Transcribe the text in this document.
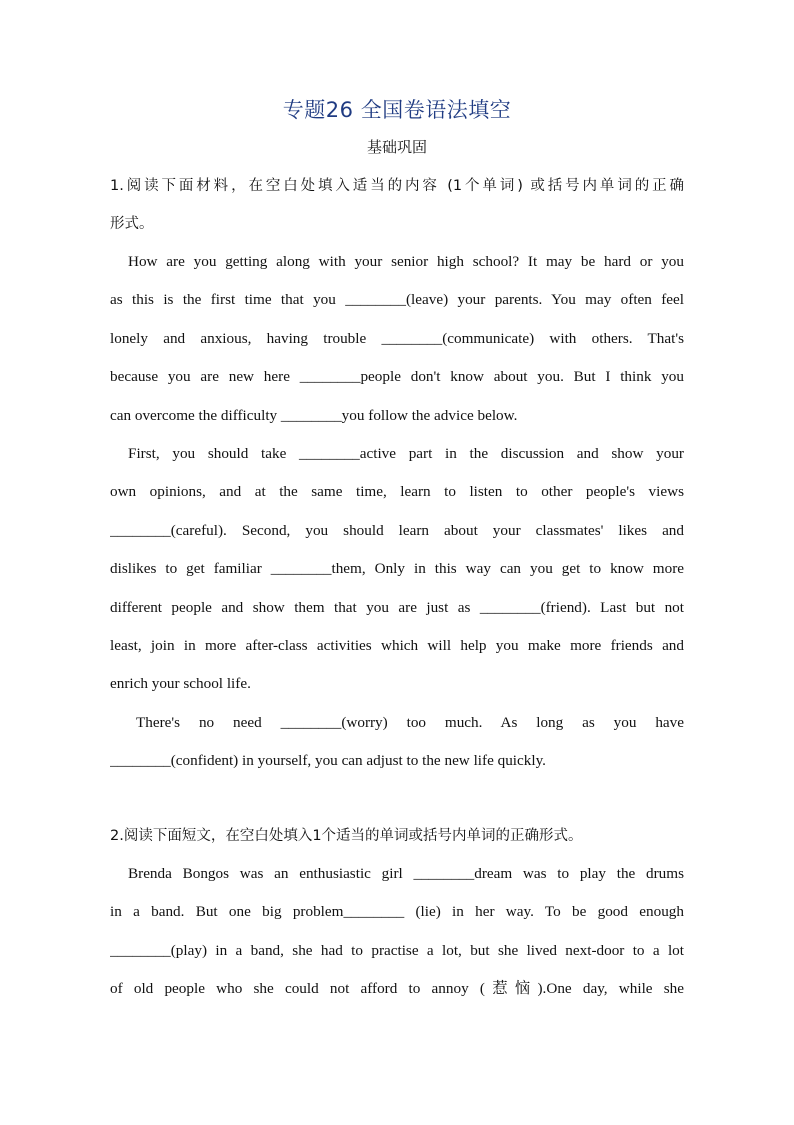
专题26 全国卷语法填空
基础巩固
1.阅读下面材料，在空白处填入适当的内容 (1个单词) 或括号内单词的正确
形式。
How are you getting along with your senior high school? It may be hard or you
as this is the first time that you ________(leave) your parents. You may often feel
lonely and anxious, having trouble ________(communicate) with others. That's
because you are new here ________people don't know about you. But I think you
can overcome the difficulty ________you follow the advice below.
First, you should take ________active part in the discussion and show your
own opinions, and at the same time, learn to listen to other people's views
________(careful). Second, you should learn about your classmates' likes and
dislikes to get familiar ________them, Only in this way can you get to know more
different people and show them that you are just as ________(friend). Last but not
least, join in more after-class activities which will help you make more friends and
enrich your school life.
There's no need ________(worry) too much. As long as you have
________(confident) in yourself, you can adjust to the new life quickly.
2.阅读下面短文，在空白处填入1个适当的单词或括号内单词的正确形式。
Brenda Bongos was an enthusiastic girl ________dream was to play the drums
in a band. But one big problem________ (lie) in her way. To be good enough
________(play) in a band, she had to practise a lot, but she lived next-door to a lot
of old people who she could not afford to annoy (惹恼).One day, while she
